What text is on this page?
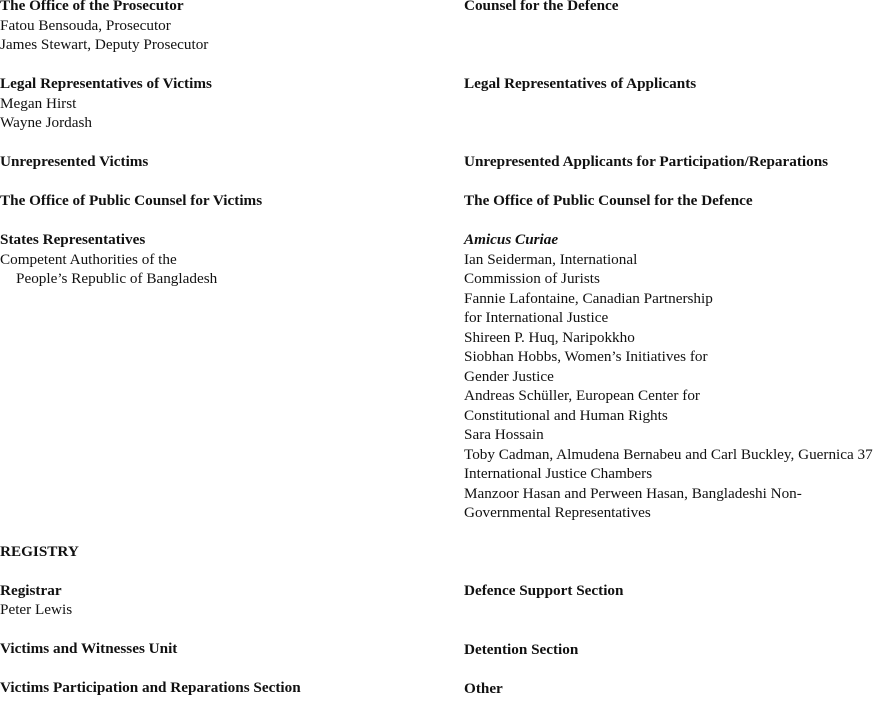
The Office of the Prosecutor
Fatou Bensouda, Prosecutor
James Stewart, Deputy Prosecutor
Legal Representatives of Victims
Megan Hirst
Wayne Jordash
Unrepresented Victims
The Office of Public Counsel for Victims
States Representatives
Competent Authorities of the
People’s Republic of Bangladesh
REGISTRY
Registrar
Peter Lewis
Victims and Witnesses Unit
Victims Participation and Reparations Section
Counsel for the Defence
Legal Representatives of Applicants
Unrepresented Applicants for Participation/Reparations
The Office of Public Counsel for the Defence
Amicus Curiae
Ian Seiderman, International
Commission of Jurists
Fannie Lafontaine, Canadian Partnership
for International Justice
Shireen P. Huq, Naripokkho
Siobhan Hobbs, Women’s Initiatives for
Gender Justice
Andreas Schüller, European Center for
Constitutional and Human Rights
Sara Hossain
Toby Cadman, Almudena Bernabeu and Carl Buckley, Guernica 37
International Justice Chambers
Manzoor Hasan and Perween Hasan, Bangladeshi Non-
Governmental Representatives
Defence Support Section
Detention Section
Other
